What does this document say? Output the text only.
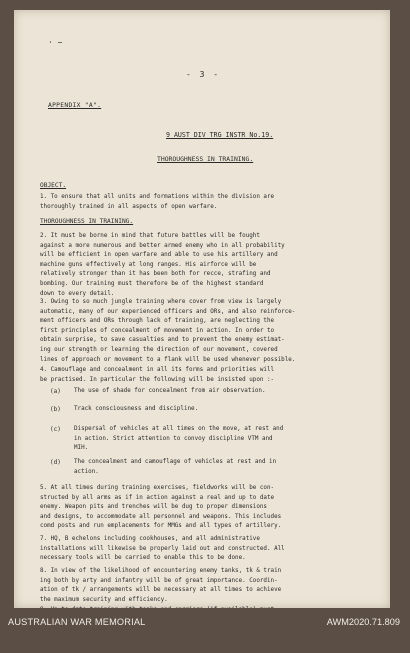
⋅ ∼
- 3 -
APPENDIX "A".
9 AUST DIV TRG INSTR No.19.
THOROUGHNESS IN TRAINING.
OBJECT.
1. To ensure that all units and formations within the division are
thoroughly trained in all aspects of open warfare.
THOROUGHNESS IN TRAINING.
2. It must be borne in mind that future battles will be fought
against a more numerous and better armed enemy who in all probability
will be efficient in open warfare and able to use his artillery and
machine guns effectively at long ranges. His airforce will be
relatively stronger than it has been both for recce, strafing and
bombing. Our training must therefore be of the highest standard
down to every detail.
3. Owing to so much jungle training where cover from view is largely
automatic, many of our experienced officers and ORs, and also reinforce-
ment officers and ORs through lack of training, are neglecting the
first principles of concealment of movement in action. In order to
obtain surprise, to save casualties and to prevent the enemy estimat-
ing our strength or learning the direction of our movement, covered
lines of approach or movement to a flank will be used whenever possible.
4. Camouflage and concealment in all its forms and priorities will
be practised. In particular the following will be insisted upon :-
(a) The use of shade for concealment from air observation.
(b) Track consciousness and discipline.
(c) Dispersal of vehicles at all times on the move, at rest and
in action. Strict attention to convoy discipline VTM and
MIH.
(d) The concealment and camouflage of vehicles at rest and in
action.
5. At all times during training exercises, fieldworks will be con-
structed by all arms as if in action against a real and up to date
enemy. Weapon pits and trenches will be dug to proper dimensions
and designs, to accommodate all personnel and weapons. This includes
comd posts and run emplacements for MMGs and all types of artillery.
7. HQ, B echelons including cookhouses, and all administrative
installations will likewise be properly laid out and constructed. All
necessary tools will be carried to enable this to be done.
8. In view of the likelihood of encountering enemy tanks, tk & train
ing both by arty and infantry will be of great importance. Coordin-
ation of tk / arrangements will be necessary at all times to achieve
the maximum security and efficiency.
AUSTRALIAN WAR MEMORIAL	AWM2020.71.809
